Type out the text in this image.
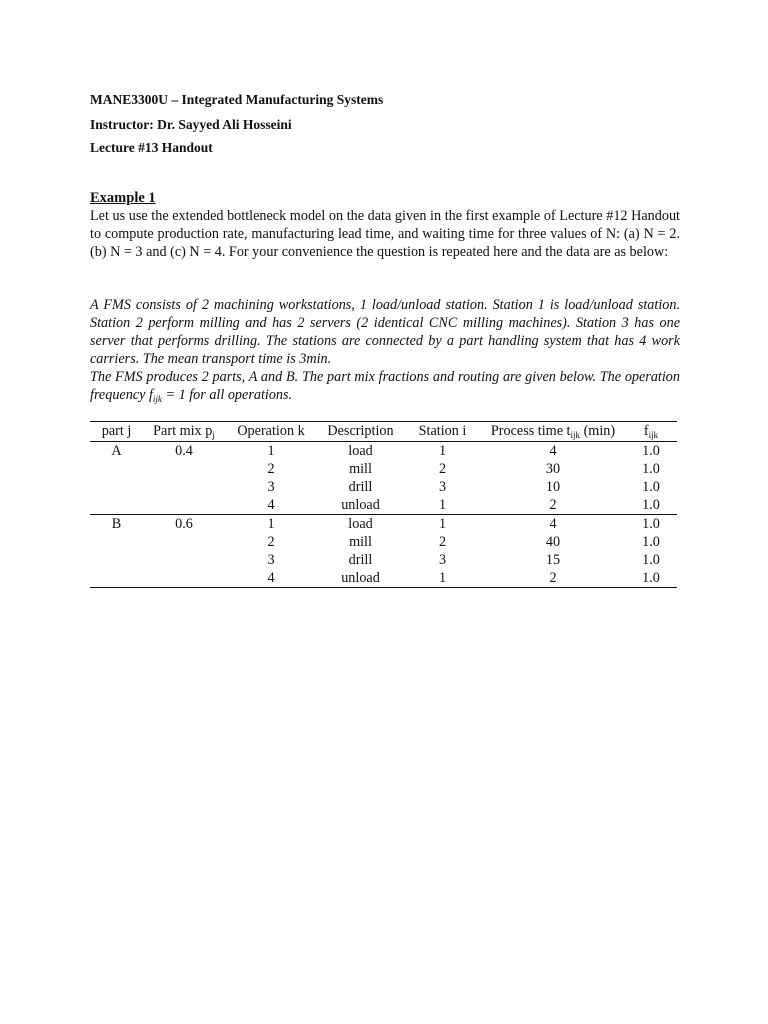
MANE3300U – Integrated Manufacturing Systems
Instructor: Dr. Sayyed Ali Hosseini
Lecture #13 Handout
Example 1

Let us use the extended bottleneck model on the data given in the first example of Lecture #12 Handout to compute production rate, manufacturing lead time, and waiting time for three values of N: (a) N = 2. (b) N = 3 and (c) N = 4. For your convenience the question is repeated here and the data are as below:

A FMS consists of 2 machining workstations, 1 load/unload station. Station 1 is load/unload station. Station 2 perform milling and has 2 servers (2 identical CNC milling machines). Station 3 has one server that performs drilling. The stations are connected by a part handling system that has 4 work carriers. The mean transport time is 3min.

The FMS produces 2 parts, A and B. The part mix fractions and routing are given below. The operation frequency $f_{ijk} = 1$ for all operations.

part j	Part mix $p_j$	Operation k	Description	Station i	Process time $t_{ijk}$ (min)	$f_{ijk}$
A	0.4	1	load	1	4	1.0
		2	mill	2	30	1.0
		3	drill	3	10	1.0
		4	unload	1	2	1.0
B	0.6	1	load	1	4	1.0
		2	mill	2	40	1.0
		3	drill	3	15	1.0
		4	unload	1	2	1.0
